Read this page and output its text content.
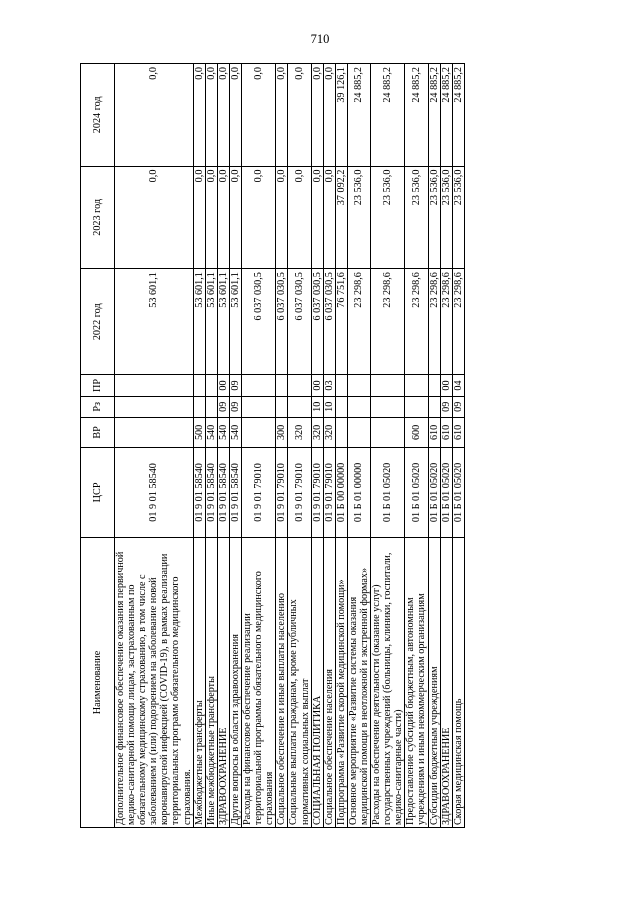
710
Наименование	ЦСР	ВР	Рз	ПР	2022 год	2023 год	2024 год
Дополнительное финансовое обеспечение оказания первичной медико-санитарной помощи лицам, застрахованным по обязательному медицинскому страхованию, в том числе с заболеванием и (или) подозрением на заболевание новой коронавирусной инфекцией (COVID-19), в рамках реализации территориальных программ обязательного медицинского страхования.	01 9 01 58540				53 601,1	0,0	0,0
Межбюджетные трансферты	01 9 01 58540	500			53 601,1	0,0	0,0
Иные межбюджетные трансферты	01 9 01 58540	540			53 601,1	0,0	0,0
ЗДРАВООХРАНЕНИЕ	01 9 01 58540	540	09	00	53 601,1	0,0	0,0
Другие вопросы в области здравоохранения	01 9 01 58540	540	09	09	53 601,1	0,0	0,0
Расходы на финансовое обеспечение реализации территориальной программы обязательного медицинского страхования	01 9 01 79010				6 037 030,5	0,0	0,0
Социальное обеспечение и иные выплаты населению	01 9 01 79010	300			6 037 030,5	0,0	0,0
Социальные выплаты гражданам, кроме публичных нормативных социальных выплат	01 9 01 79010	320			6 037 030,5	0,0	0,0
СОЦИАЛЬНАЯ ПОЛИТИКА	01 9 01 79010	320	10	00	6 037 030,5	0,0	0,0
Социальное обеспечение населения	01 9 01 79010	320	10	03	6 037 030,5	0,0	0,0
Подпрограмма «Развитие скорой медицинской помощи»	01 Б 00 00000				76 751,6	37 092,2	39 126,1
Основное мероприятие «Развитие системы оказания медицинской помощи в неотложной и экстренной формах»	01 Б 01 00000				23 298,6	23 536,0	24 885,2
Расходы на обеспечение деятельности (оказание услуг) государственных учреждений (больницы, клиники, госпитали, медико-санитарные части)	01 Б 01 05020				23 298,6	23 536,0	24 885,2
Предоставление субсидий бюджетным, автономным учреждениям и иным некоммерческим организациям	01 Б 01 05020	600			23 298,6	23 536,0	24 885,2
Субсидии бюджетным учреждениям	01 Б 01 05020	610			23 298,6	23 536,0	24 885,2
ЗДРАВООХРАНЕНИЕ	01 Б 01 05020	610	09	00	23 298,6	23 536,0	24 885,2
Скорая медицинская помощь	01 Б 01 05020	610	09	04	23 298,6	23 536,0	24 885,2
